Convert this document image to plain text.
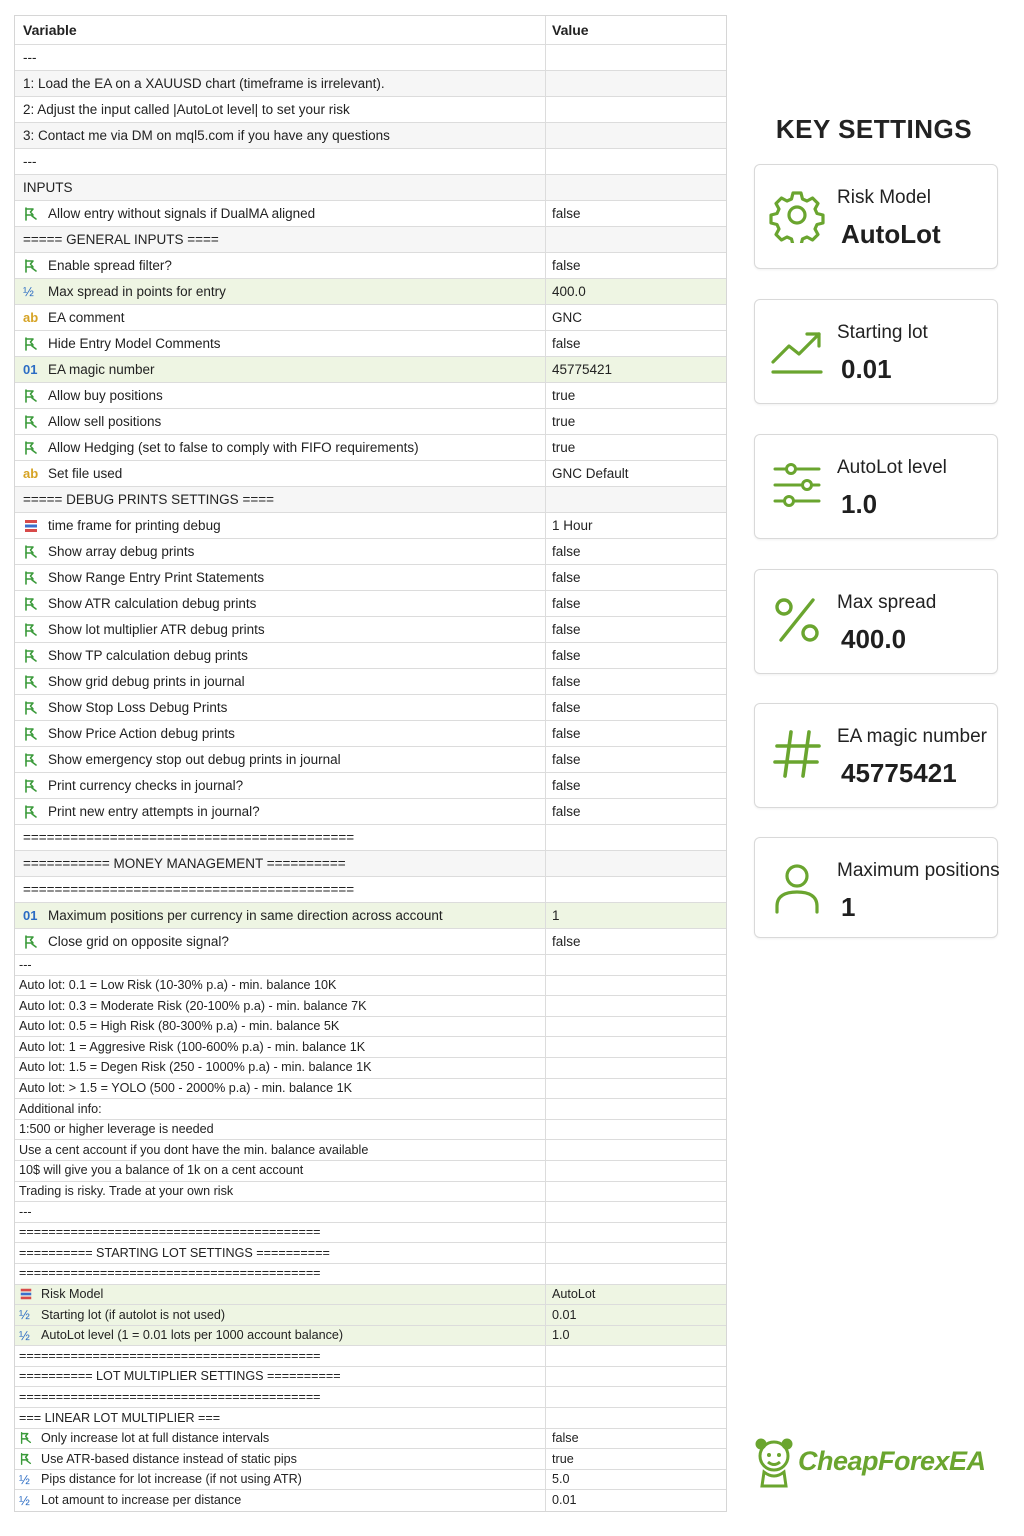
Variable	Value
---
1: Load the EA on a XAUUSD chart (timeframe is irrelevant).
2: Adjust the input called |AutoLot level| to set your risk
3: Contact me via DM on mql5.com if you have any questions
---
INPUTS
Allow entry without signals if DualMA aligned	false
===== GENERAL INPUTS ====
Enable spread filter?	false
½ Max spread in points for entry	400.0
ab EA comment	GNC
Hide Entry Model Comments	false
01 EA magic number	45775421
Allow buy positions	true
Allow sell positions	true
Allow Hedging (set to false to comply with FIFO requirements)	true
ab Set file used	GNC Default
===== DEBUG PRINTS SETTINGS ====
time frame for printing debug	1 Hour
Show array debug prints	false
Show Range Entry Print Statements	false
Show ATR calculation debug prints	false
Show lot multiplier ATR debug prints	false
Show TP calculation debug prints	false
Show grid debug prints in journal	false
Show Stop Loss Debug Prints	false
Show Price Action debug prints	false
Show emergency stop out debug prints in journal	false
Print currency checks in journal?	false
Print new entry attempts in journal?	false
==========================================
=========== MONEY MANAGEMENT ==========
==========================================
01 Maximum positions per currency in same direction across account	1
Close grid on opposite signal?	false
---
Auto lot: 0.1 = Low Risk (10-30% p.a) - min. balance 10K
Auto lot: 0.3 = Moderate Risk (20-100% p.a) - min. balance 7K
Auto lot: 0.5 = High Risk (80-300% p.a) - min. balance 5K
Auto lot: 1 = Aggresive Risk (100-600% p.a) - min. balance 1K
Auto lot: 1.5 = Degen Risk (250 - 1000% p.a) - min. balance 1K
Auto lot: > 1.5 = YOLO (500 - 2000% p.a) - min. balance 1K
Additional info:
1:500 or higher leverage is needed
Use a cent account if you dont have the min. balance available
10$ will give you a balance of 1k on a cent account
Trading is risky. Trade at your own risk
---
=========================================
========== STARTING LOT SETTINGS ==========
=========================================
Risk Model	AutoLot
½ Starting lot (if autolot is not used)	0.01
½ AutoLot level (1 = 0.01 lots per 1000 account balance)	1.0
=========================================
========== LOT MULTIPLIER SETTINGS ==========
=========================================
=== LINEAR LOT MULTIPLIER ===
Only increase lot at full distance intervals	false
Use ATR-based distance instead of static pips	true
½ Pips distance for lot increase (if not using ATR)	5.0
½ Lot amount to increase per distance	0.01
KEY SETTINGS
Risk Model
AutoLot
Starting lot
0.01
AutoLot level
1.0
Max spread
400.0
EA magic number
45775421
Maximum positions
1
CheapForexEA
